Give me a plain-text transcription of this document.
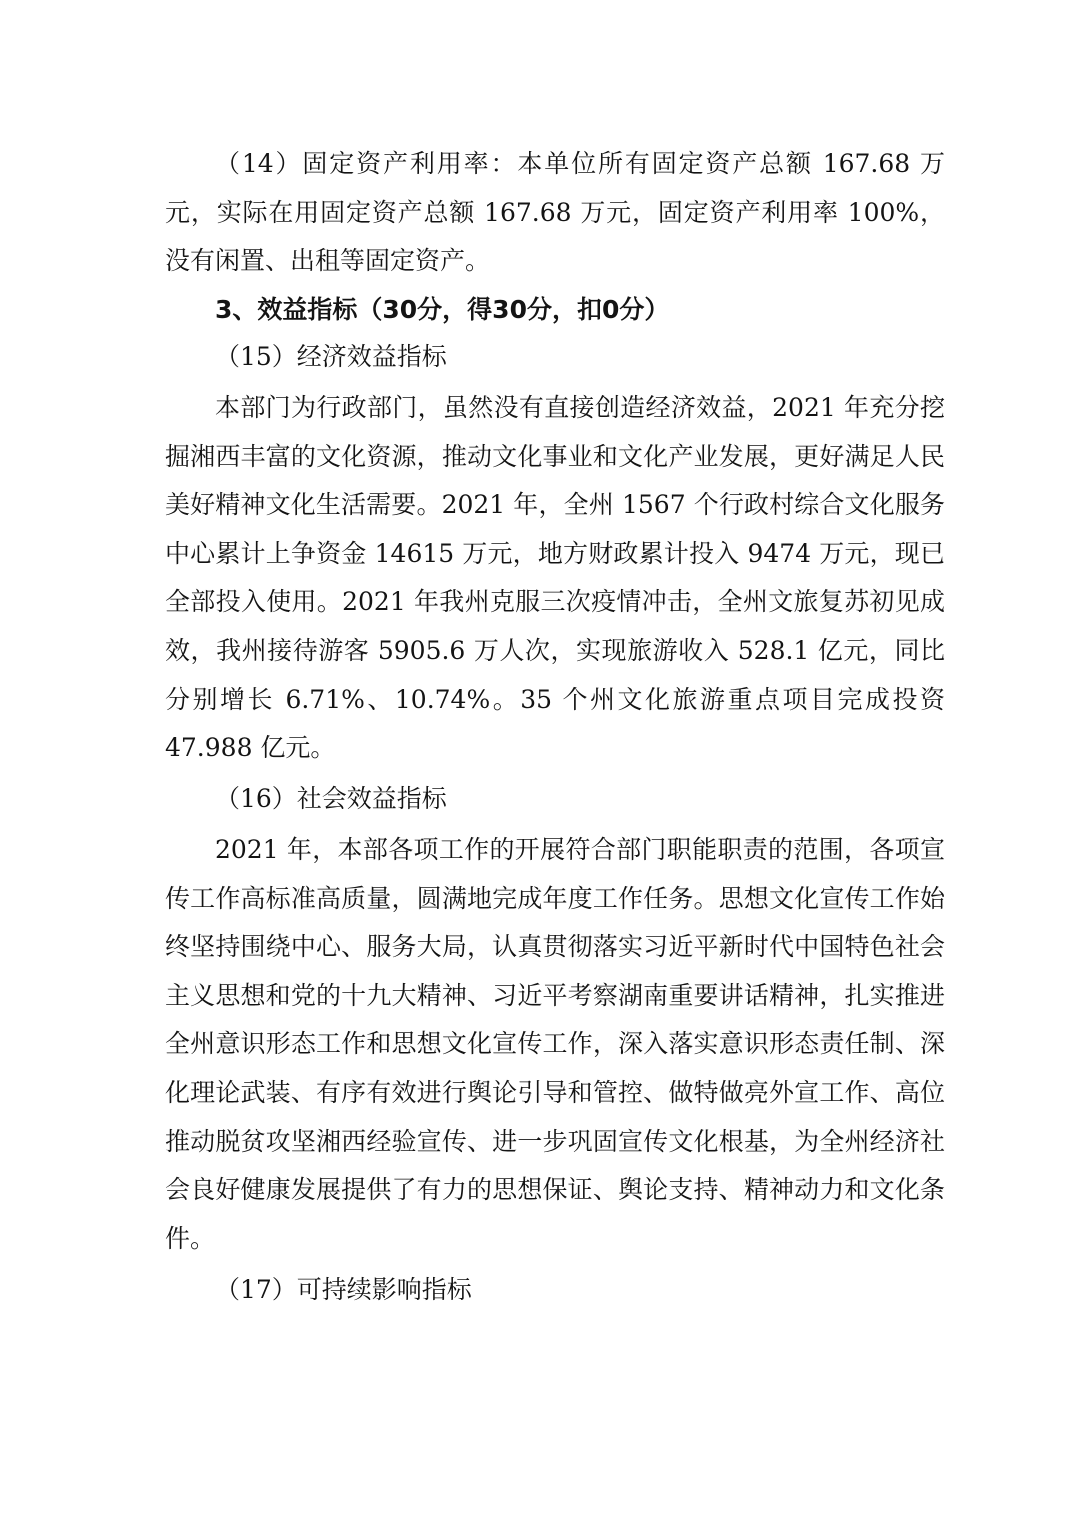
（14）固定资产利用率：本单位所有固定资产总额 167.68 万元，实际在用固定资产总额 167.68 万元，固定资产利用率 100%，没有闲置、出租等固定资产。

3、效益指标（30分，得30分，扣0分）

（15）经济效益指标

本部门为行政部门，虽然没有直接创造经济效益，2021 年充分挖掘湘西丰富的文化资源，推动文化事业和文化产业发展，更好满足人民美好精神文化生活需要。2021 年，全州 1567 个行政村综合文化服务中心累计上争资金 14615 万元，地方财政累计投入 9474 万元，现已全部投入使用。2021 年我州克服三次疫情冲击，全州文旅复苏初见成效，我州接待游客 5905.6 万人次，实现旅游收入 528.1 亿元，同比分别增长 6.71%、10.74%。35 个州文化旅游重点项目完成投资 47.988 亿元。

（16）社会效益指标

2021 年，本部各项工作的开展符合部门职能职责的范围，各项宣传工作高标准高质量，圆满地完成年度工作任务。思想文化宣传工作始终坚持围绕中心、服务大局，认真贯彻落实习近平新时代中国特色社会主义思想和党的十九大精神、习近平考察湖南重要讲话精神，扎实推进全州意识形态工作和思想文化宣传工作，深入落实意识形态责任制、深化理论武装、有序有效进行舆论引导和管控、做特做亮外宣工作、高位推动脱贫攻坚湘西经验宣传、进一步巩固宣传文化根基，为全州经济社会良好健康发展提供了有力的思想保证、舆论支持、精神动力和文化条件。

（17）可持续影响指标
